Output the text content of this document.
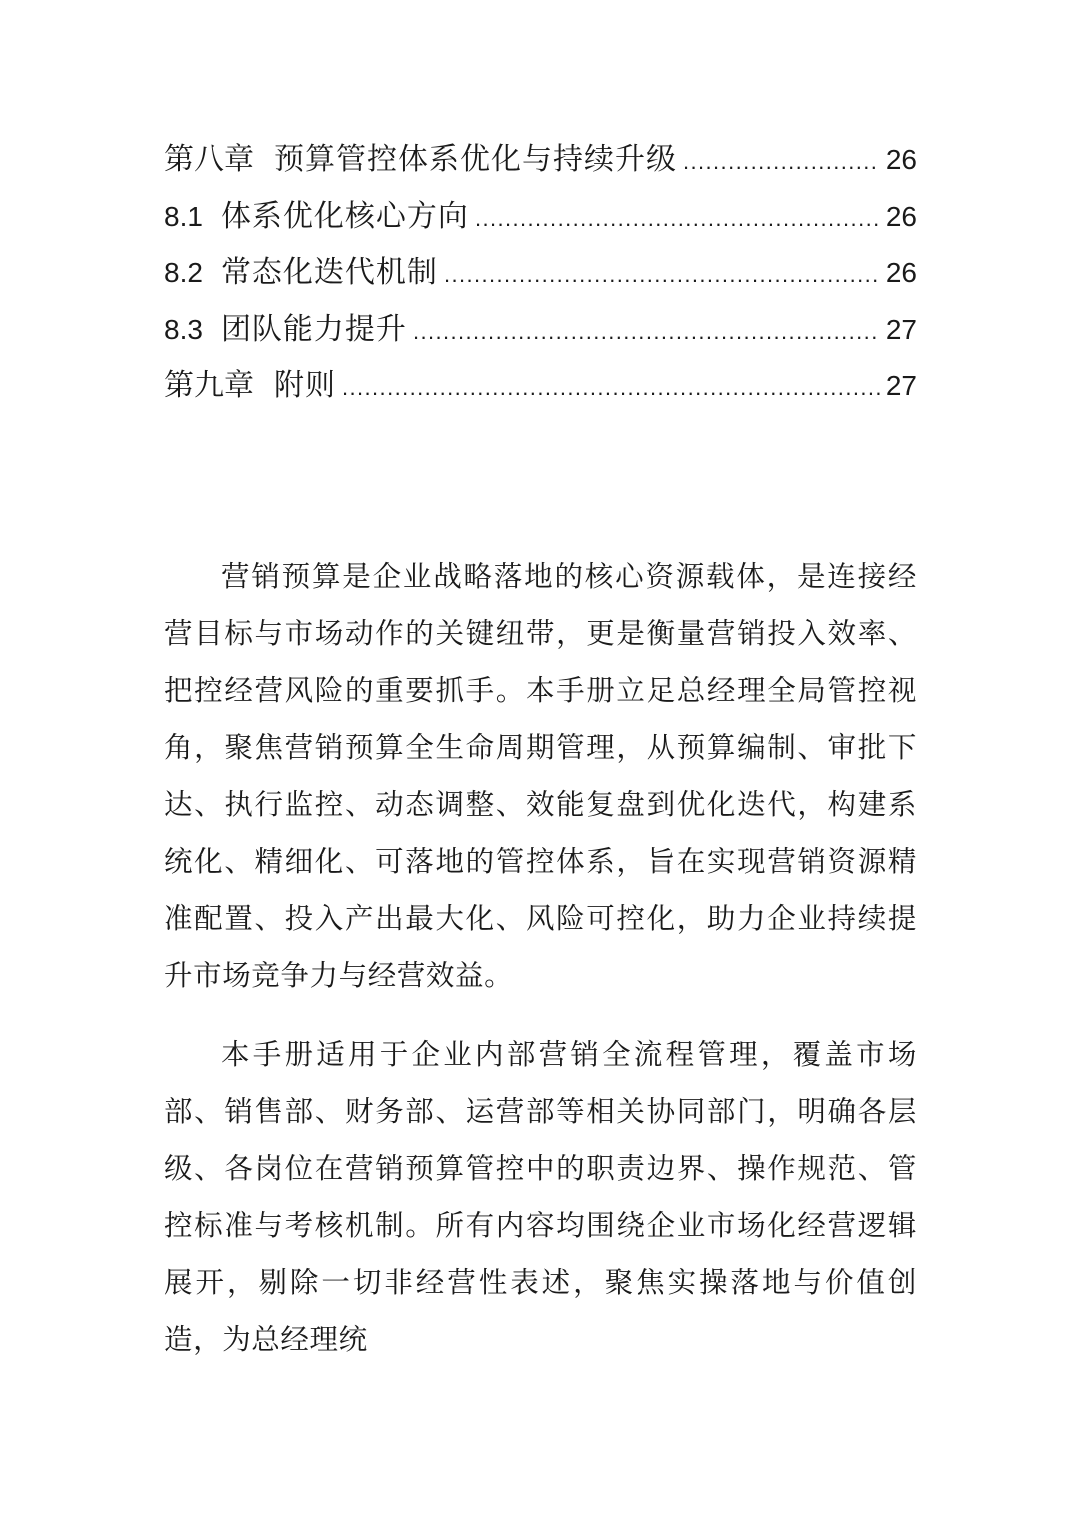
第八章 预算管控体系优化与持续升级 .....	26
8.1 体系优化核心方向 .....	26
8.2 常态化迭代机制 .....	26
8.3 团队能力提升 .....	27
第九章 附则 .....	27

营销预算是企业战略落地的核心资源载体，是连接经营目标与市场动作的关键纽带，更是衡量营销投入效率、把控经营风险的重要抓手。本手册立足总经理全局管控视角，聚焦营销预算全生命周期管理，从预算编制、审批下达、执行监控、动态调整、效能复盘到优化迭代，构建系统化、精细化、可落地的管控体系，旨在实现营销资源精准配置、投入产出最大化、风险可控化，助力企业持续提升市场竞争力与经营效益。

本手册适用于企业内部营销全流程管理，覆盖市场部、销售部、财务部、运营部等相关协同部门，明确各层级、各岗位在营销预算管控中的职责边界、操作规范、管控标准与考核机制。所有内容均围绕企业市场化经营逻辑展开，剔除一切非经营性表述，聚焦实操落地与价值创造，为总经理统
